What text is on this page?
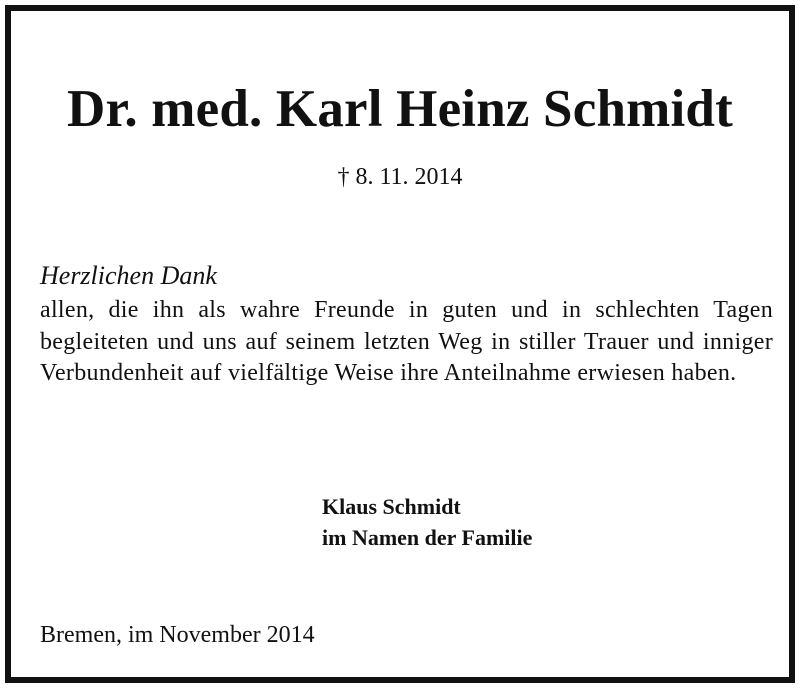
Dr. med. Karl Heinz Schmidt
† 8. 11. 2014
Herzlichen Dank
allen, die ihn als wahre Freunde in guten und in schlechten Tagen begleiteten und uns auf seinem letzten Weg in stiller Trauer und inniger Verbundenheit auf vielfältige Weise ihre Anteilnahme erwiesen haben.
Klaus Schmidt
im Namen der Familie
Bremen, im November 2014
